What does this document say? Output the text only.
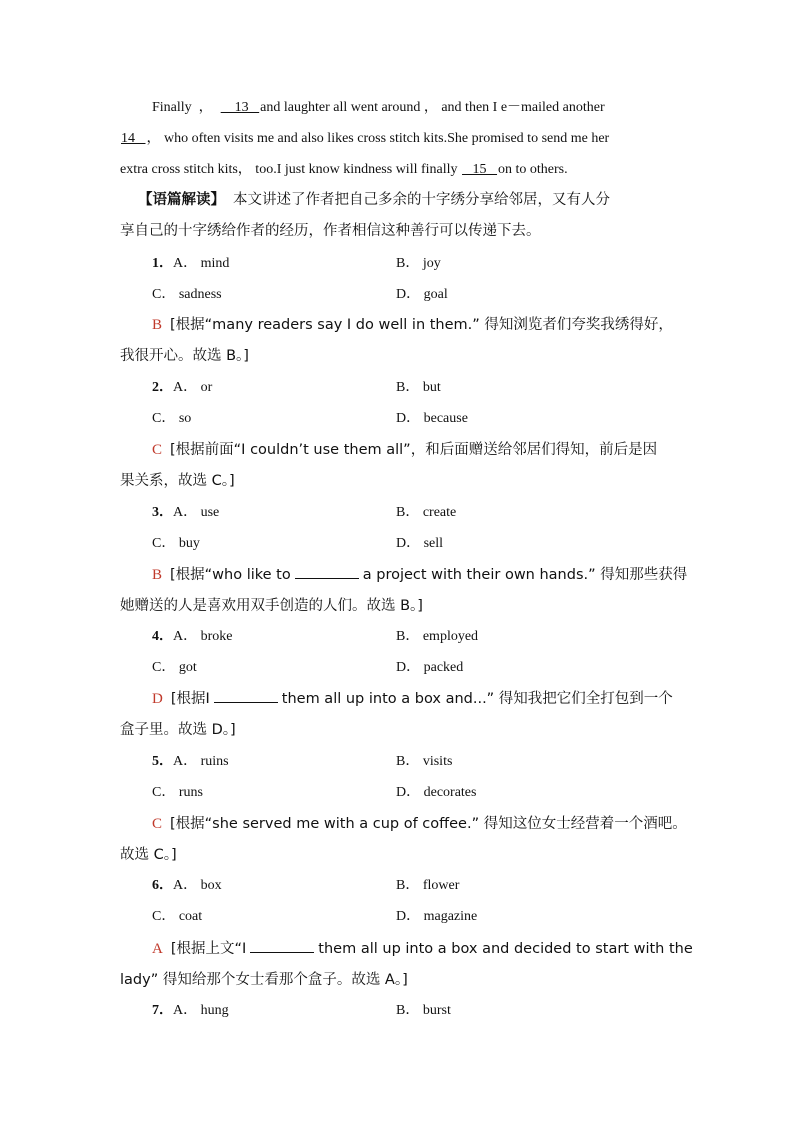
Finally  ，      13   and laughter all went around ， and then I e－mailed another
14   ， who often visits me and also likes cross stitch kits.She promised to send me her
extra cross stitch kits， too.I just know kindness will finally    15   on to others.
【语篇解读】 本文讲述了作者把自己多余的十字绣分享给邻居，又有人分
享自己的十字绣给作者的经历，作者相信这种善行可以传递下去。
1．A． mind	B． joy
C． sadness	D． goal
B [根据“many readers say I do well in them.” 得知浏览者们夸奖我绣得好，
我很开心。故选 B。]
2．A． or	B． but
C． so	D． because
C [根据前面“I couldn’t use them all”，和后面赠送给邻居们得知，前后是因
果关系，故选 C。]
3．A． use	B． create
C． buy	D． sell
B [根据“who like to	a project with their own hands.” 得知那些获得
她赠送的人是喜欢用双手创造的人们。故选 B。]
4．A． broke	B． employed
C． got	D． packed
D [根据I	them all up into a box and...” 得知我把它们全打包到一个
盒子里。故选 D。]
5．A． ruins	B． visits
C． runs	D． decorates
C [根据“she served me with a cup of coffee.” 得知这位女士经营着一个酒吧。
故选 C。]
6．A． box	B． flower
C． coat	D． magazine
A [根据上文“I	them all up into a box and decided to start with the
lady” 得知给那个女士看那个盒子。故选 A。]
7．A． hung	B． burst
